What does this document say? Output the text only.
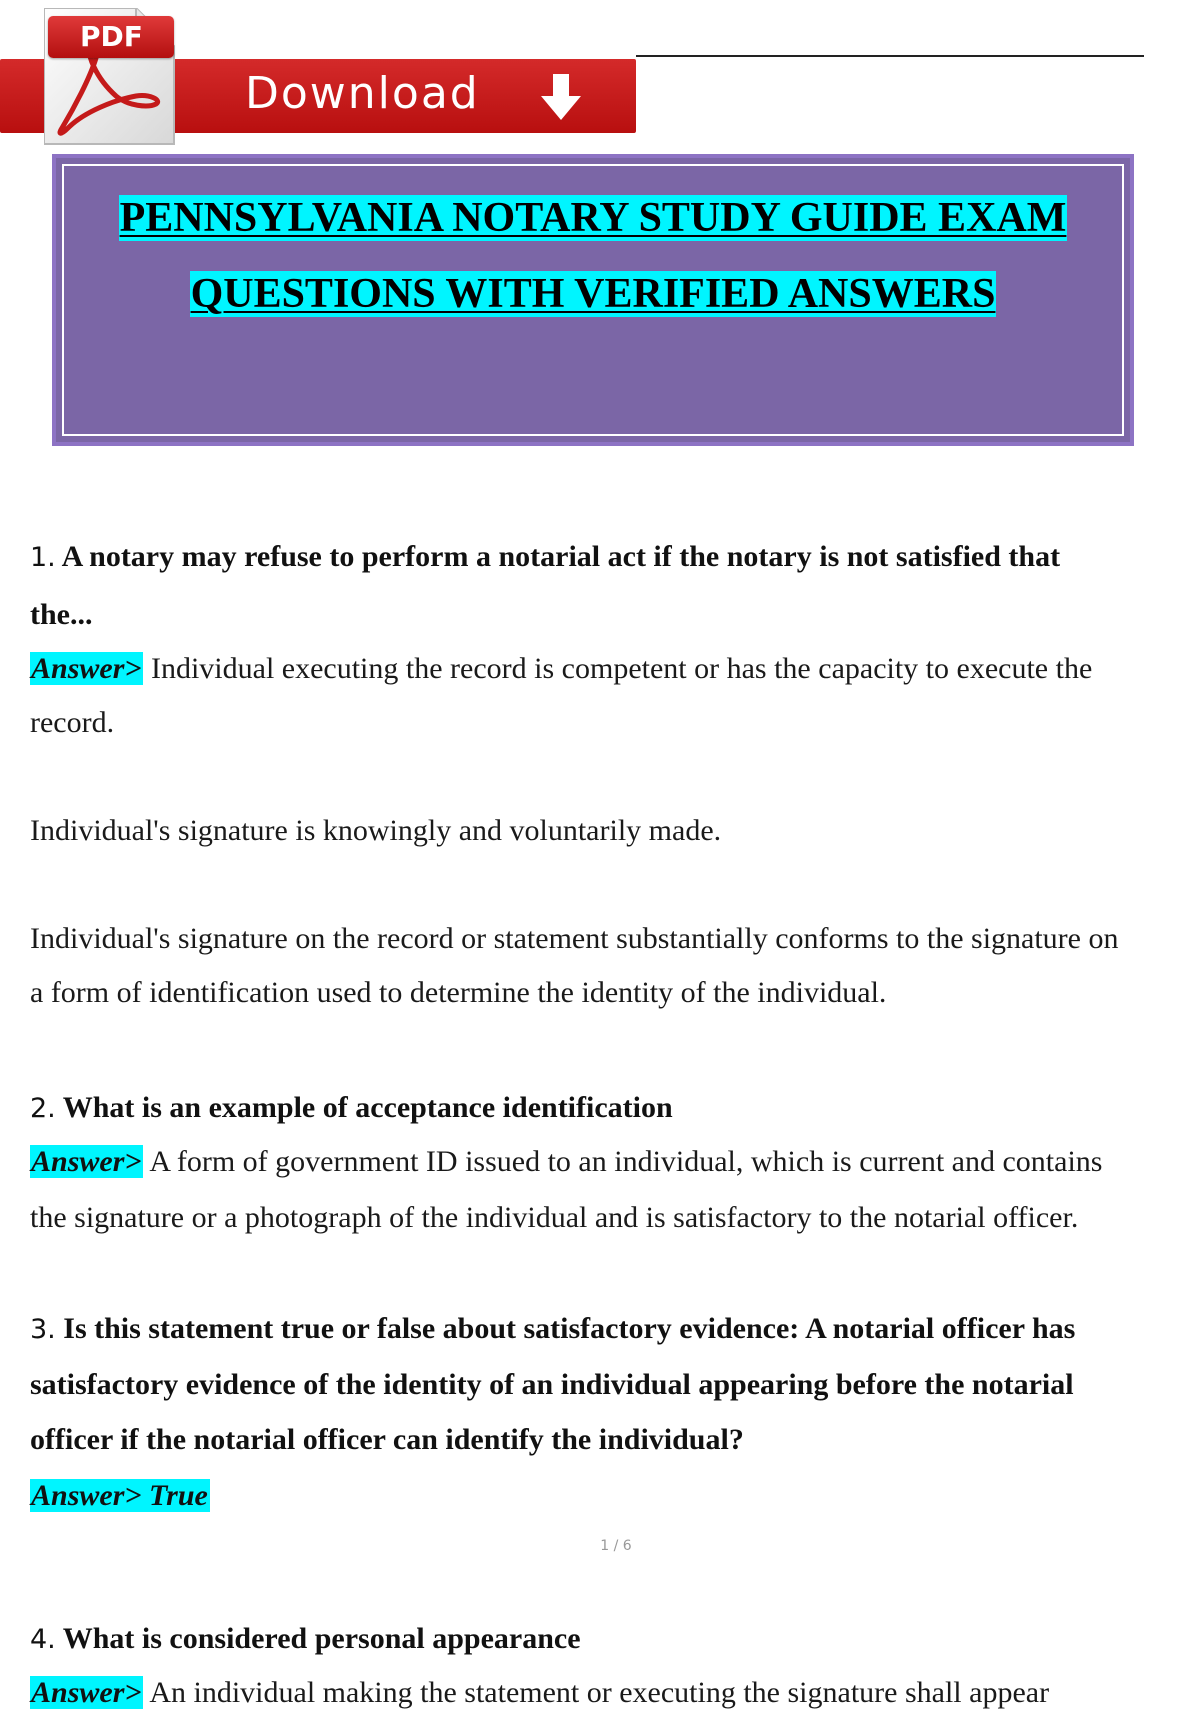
Download
PDF
PENNSYLVANIA NOTARY STUDY GUIDE EXAM
QUESTIONS WITH VERIFIED ANSWERS

1. A notary may refuse to perform a notarial act if the notary is not satisfied that

the...

Answer> Individual executing the record is competent or has the capacity to execute the

record.

Individual's signature is knowingly and voluntarily made.

Individual's signature on the record or statement substantially conforms to the signature on

a form of identification used to determine the identity of the individual.

2. What is an example of acceptance identification

Answer> A form of government ID issued to an individual, which is current and contains

the signature or a photograph of the individual and is satisfactory to the notarial officer.

3. Is this statement true or false about satisfactory evidence: A notarial officer has

satisfactory evidence of the identity of an individual appearing before the notarial

officer if the notarial officer can identify the individual?

Answer> True

1 / 6

4. What is considered personal appearance

Answer> An individual making the statement or executing the signature shall appear
